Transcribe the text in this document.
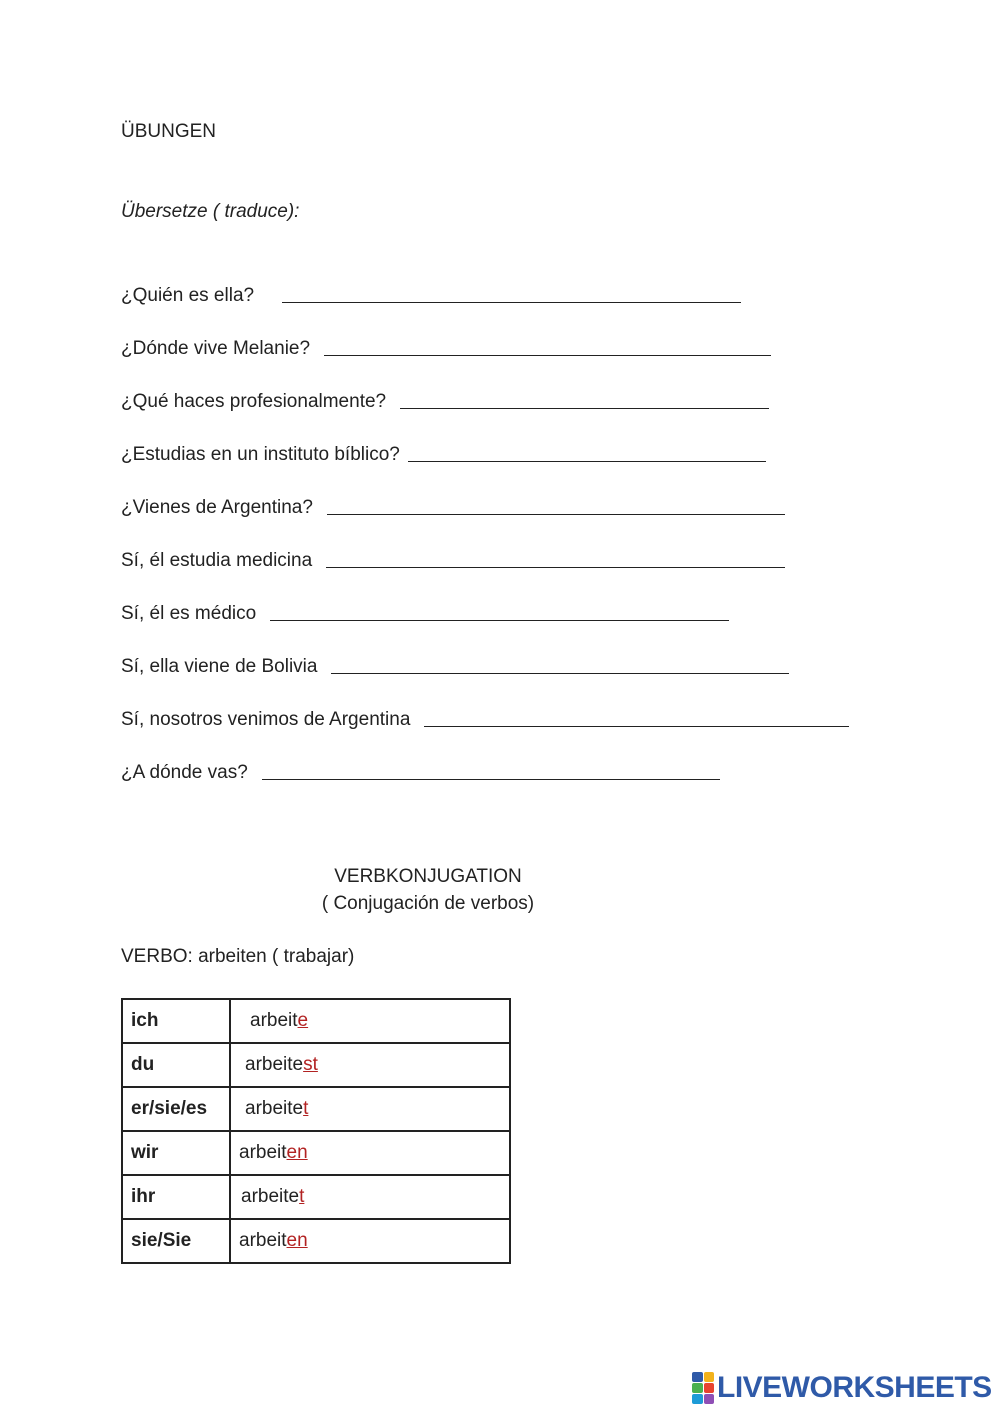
ÜBUNGEN
Übersetze ( traduce):
¿Quién es ella?
¿Dónde vive Melanie?
¿Qué haces profesionalmente?
¿Estudias en un instituto bíblico?
¿Vienes de Argentina?
Sí, él estudia medicina
Sí, él es médico
Sí, ella viene de Bolivia
Sí, nosotros venimos de Argentina
¿A dónde vas?
VERBKONJUGATION
( Conjugación de verbos)
VERBO: arbeiten ( trabajar)
ich	arbeite
du	arbeitest
er/sie/es	arbeitet
wir	arbeiten
ihr	arbeitet
sie/Sie	arbeiten
LIVEWORKSHEETS
